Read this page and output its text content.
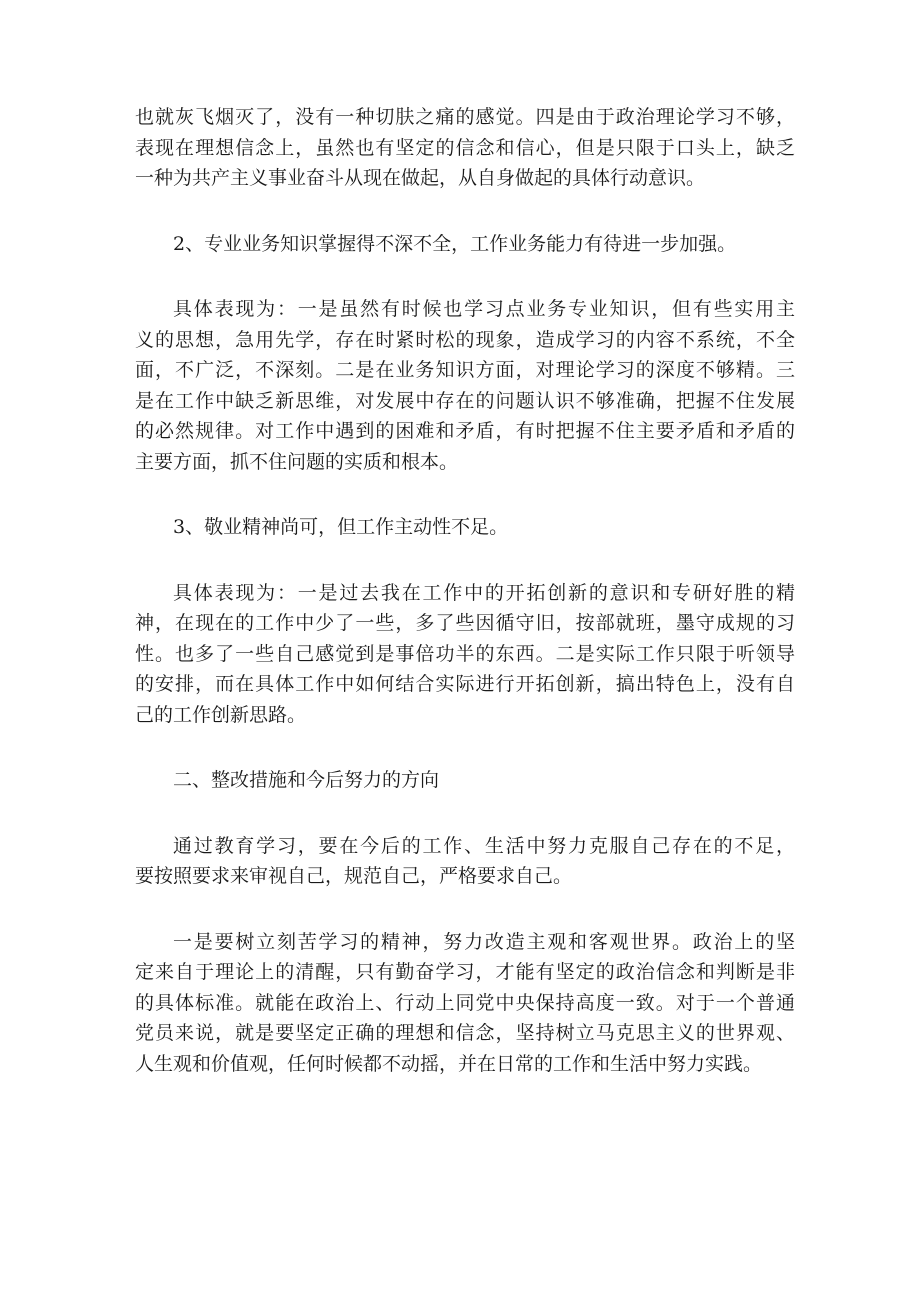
也就灰飞烟灭了，没有一种切肤之痛的感觉。四是由于政治理论学习不够，
表现在理想信念上，虽然也有坚定的信念和信心，但是只限于口头上，缺乏
一种为共产主义事业奋斗从现在做起，从自身做起的具体行动意识。
2、专业业务知识掌握得不深不全，工作业务能力有待进一步加强。
具体表现为：一是虽然有时候也学习点业务专业知识，但有些实用主
义的思想，急用先学，存在时紧时松的现象，造成学习的内容不系统，不全
面，不广泛，不深刻。二是在业务知识方面，对理论学习的深度不够精。三
是在工作中缺乏新思维，对发展中存在的问题认识不够准确，把握不住发展
的必然规律。对工作中遇到的困难和矛盾，有时把握不住主要矛盾和矛盾的
主要方面，抓不住问题的实质和根本。
3、敬业精神尚可，但工作主动性不足。
具体表现为：一是过去我在工作中的开拓创新的意识和专研好胜的精
神，在现在的工作中少了一些，多了些因循守旧，按部就班，墨守成规的习
性。也多了一些自己感觉到是事倍功半的东西。二是实际工作只限于听领导
的安排，而在具体工作中如何结合实际进行开拓创新，搞出特色上，没有自
己的工作创新思路。
二、整改措施和今后努力的方向
通过教育学习，要在今后的工作、生活中努力克服自己存在的不足，
要按照要求来审视自己，规范自己，严格要求自己。
一是要树立刻苦学习的精神，努力改造主观和客观世界。政治上的坚
定来自于理论上的清醒，只有勤奋学习，才能有坚定的政治信念和判断是非
的具体标准。就能在政治上、行动上同党中央保持高度一致。对于一个普通
党员来说，就是要坚定正确的理想和信念，坚持树立马克思主义的世界观、
人生观和价值观，任何时候都不动摇，并在日常的工作和生活中努力实践。
